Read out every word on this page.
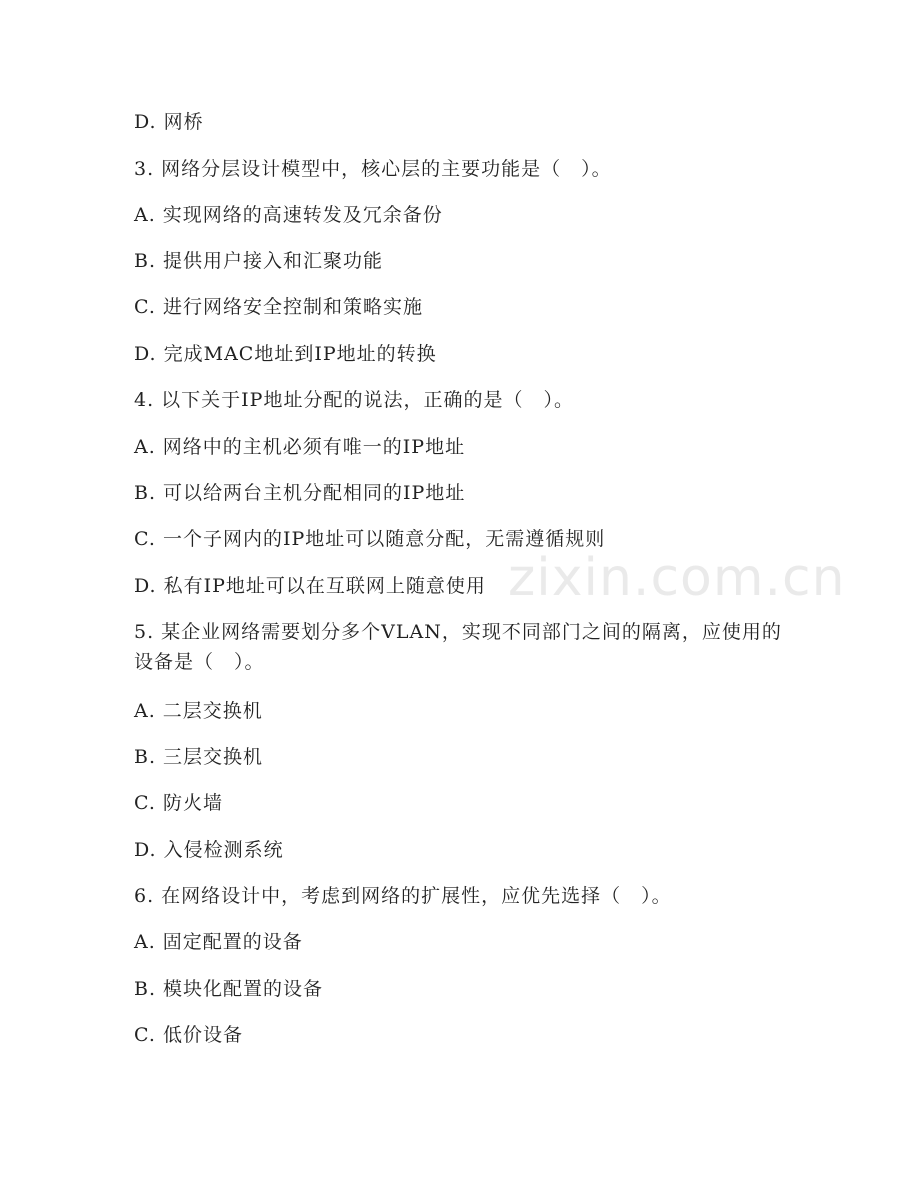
D. 网桥
3. 网络分层设计模型中，核心层的主要功能是（　）。
A. 实现网络的高速转发及冗余备份
B. 提供用户接入和汇聚功能
C. 进行网络安全控制和策略实施
D. 完成MAC地址到IP地址的转换
4. 以下关于IP地址分配的说法，正确的是（　）。
A. 网络中的主机必须有唯一的IP地址
B. 可以给两台主机分配相同的IP地址
C. 一个子网内的IP地址可以随意分配，无需遵循规则
D. 私有IP地址可以在互联网上随意使用
5. 某企业网络需要划分多个VLAN，实现不同部门之间的隔离，应使用的设备是（　）。
A. 二层交换机
B. 三层交换机
C. 防火墙
D. 入侵检测系统
6. 在网络设计中，考虑到网络的扩展性，应优先选择（　）。
A. 固定配置的设备
B. 模块化配置的设备
C. 低价设备
zixin.com.cn
